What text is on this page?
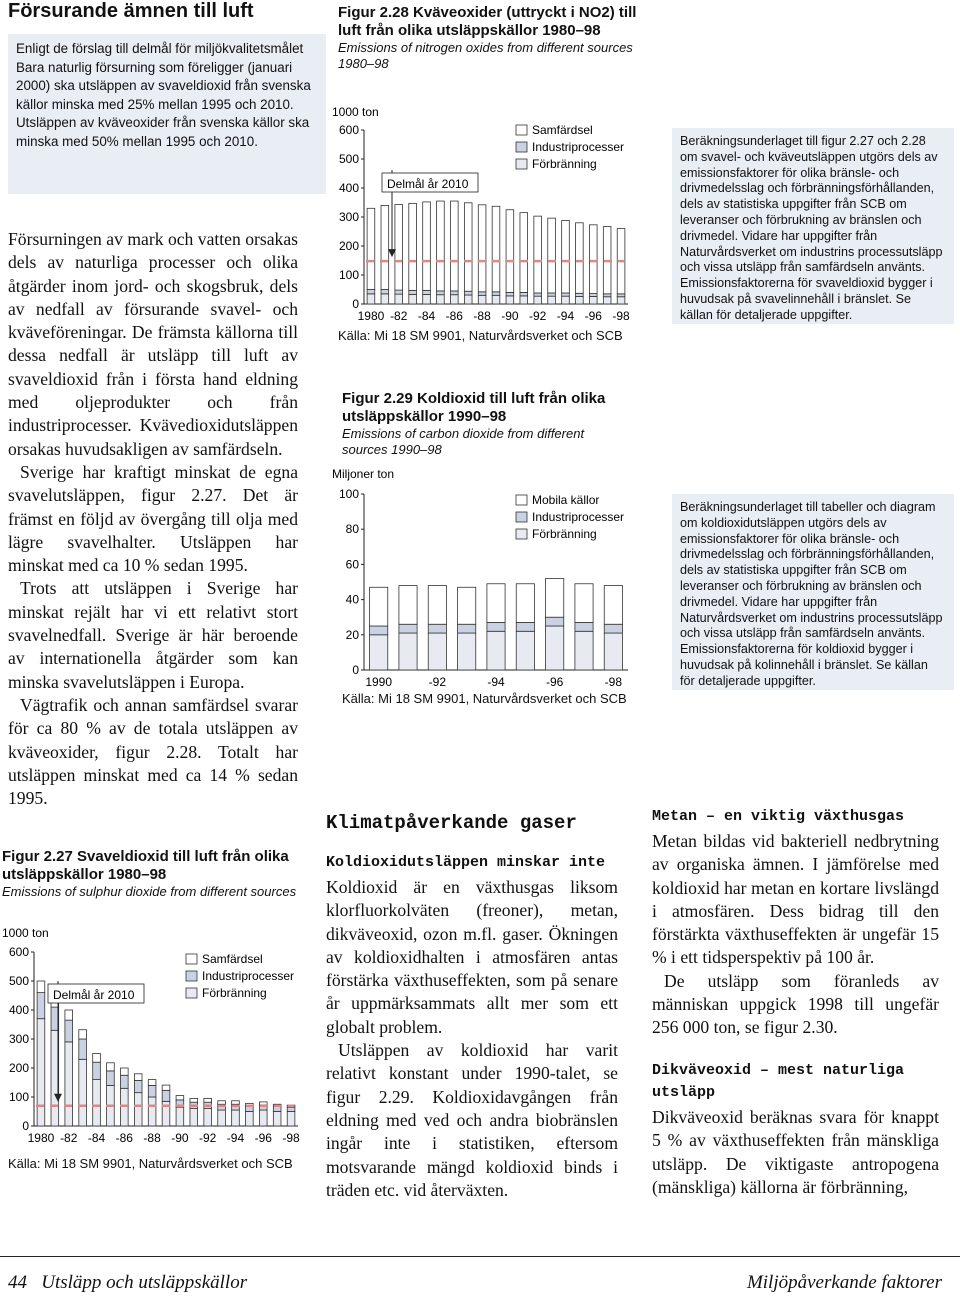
Försurande ämnen till luft
Enligt de förslag till delmål för miljökvalitetsmålet Bara naturlig försurning som föreligger (januari 2000) ska utsläppen av svaveldioxid från svenska källor minska med 25% mellan 1995 och 2010. Utsläppen av kväveoxider från svenska källor ska minska med 50% mellan 1995 och 2010.

Försurningen av mark och vatten orsakas dels av naturliga processer och olika åtgärder inom jord- och skogsbruk, dels av nedfall av försurande svavel- och kväveföreningar. De främsta källorna till dessa nedfall är utsläpp till luft av svaveldioxid från i första hand eldning med oljeprodukter och från industriprocesser. Kvävedioxidutsläppen orsakas huvudsakligen av samfärdseln.

Sverige har kraftigt minskat de egna svavelutsläppen, figur 2.27. Det är främst en följd av övergång till olja med lägre svavelhalter. Utsläppen har minskat med ca 10 % sedan 1995.

Trots att utsläppen i Sverige har minskat rejält har vi ett relativt stort svavelnedfall. Sverige är här beroende av internationella åtgärder som kan minska svavelutsläppen i Europa.

Vägtrafik och annan samfärdsel svarar för ca 80 % av de totala utsläppen av kväveoxider, figur 2.28. Totalt har utsläppen minskat med ca 14 % sedan 1995.

Figur 2.27 Svaveldioxid till luft från olika utsläppskällor 1980–98
Emissions of sulphur dioxide from different sources
1000 ton
0
100
200
300
400
500
600
1980 -82 -84 -86 -88 -90 -92 -94 -96 -98
Delmål år 2010
Samfärdsel
Industriprocesser
Förbränning
Källa: Mi 18 SM 9901, Naturvårdsverket och SCB
Figur 2.28 Kväveoxider (uttryckt i NO2) till luft från olika utsläppskällor 1980–98
Emissions of nitrogen oxides from different sources 1980–98
1000 ton
0
100
200
300
400
500
600
1980 -82 -84 -86 -88 -90 -92 -94 -96 -98
Delmål år 2010
Samfärdsel
Industriprocesser
Förbränning
Källa: Mi 18 SM 9901, Naturvårdsverket och SCB
Figur 2.29 Koldioxid till luft från olika utsläppskällor 1990–98
Emissions of carbon dioxide from different sources 1990–98
Miljoner ton
0
20
40
60
80
100
1990	-92	-94	-96	-98
Mobila källor
Industriprocesser
Förbränning
Källa: Mi 18 SM 9901, Naturvårdsverket och SCB
Klimatpåverkande gaser
Koldioxidutsläppen minskar inte

Koldioxid är en växthusgas liksom klorfluorkolväten (freoner), metan, dikväveoxid, ozon m.fl. gaser. Ökningen av koldioxidhalten i atmosfären antas förstärka växthuseffekten, som på senare år uppmärksammats allt mer som ett globalt problem.

Utsläppen av koldioxid har varit relativt konstant under 1990-talet, se figur 2.29. Koldioxidavgången från eldning med ved och andra biobränslen ingår inte i statistiken, eftersom motsvarande mängd koldioxid binds i träden etc. vid återväxten.

Beräkningsunderlaget till figur 2.27 och 2.28 om svavel- och kväveutsläppen utgörs dels av emissionsfaktorer för olika bränsle- och drivmedelsslag och förbränningsförhållanden, dels av statistiska uppgifter från SCB om leveranser och förbrukning av bränslen och drivmedel. Vidare har uppgifter från Naturvårdsverket om industrins processutsläpp och vissa utsläpp från samfärdseln använts. Emissionsfaktorerna för svaveldioxid bygger i huvudsak på svavelinnehåll i bränslet. Se källan för detaljerade uppgifter.
Beräkningsunderlaget till tabeller och diagram om koldioxidutsläppen utgörs dels av emissionsfaktorer för olika bränsle- och drivmedelsslag och förbränningsförhållanden, dels av statistiska uppgifter från SCB om leveranser och förbrukning av bränslen och drivmedel. Vidare har uppgifter från Naturvårdsverket om industrins processutsläpp och vissa utsläpp från samfärdseln använts. Emissionsfaktorerna för koldioxid bygger i huvudsak på kolinnehåll i bränslet. Se källan för detaljerade uppgifter.
Metan – en viktig växthusgas

Metan bildas vid bakteriell nedbrytning av organiska ämnen. I jämförelse med koldioxid har metan en kortare livslängd i atmosfären. Dess bidrag till den förstärkta växthuseffekten är ungefär 15 % i ett tidsperspektiv på 100 år.

De utsläpp som föranleds av människan uppgick 1998 till ungefär 256 000 ton, se figur 2.30.

Dikväveoxid – mest naturliga utsläpp

Dikväveoxid beräknas svara för knappt 5 % av växthuseffekten från mänskliga utsläpp. De viktigaste antropogena (mänskliga) källorna är förbränning,

44   Utsläpp och utsläppskällor	Miljöpåverkande faktorer
